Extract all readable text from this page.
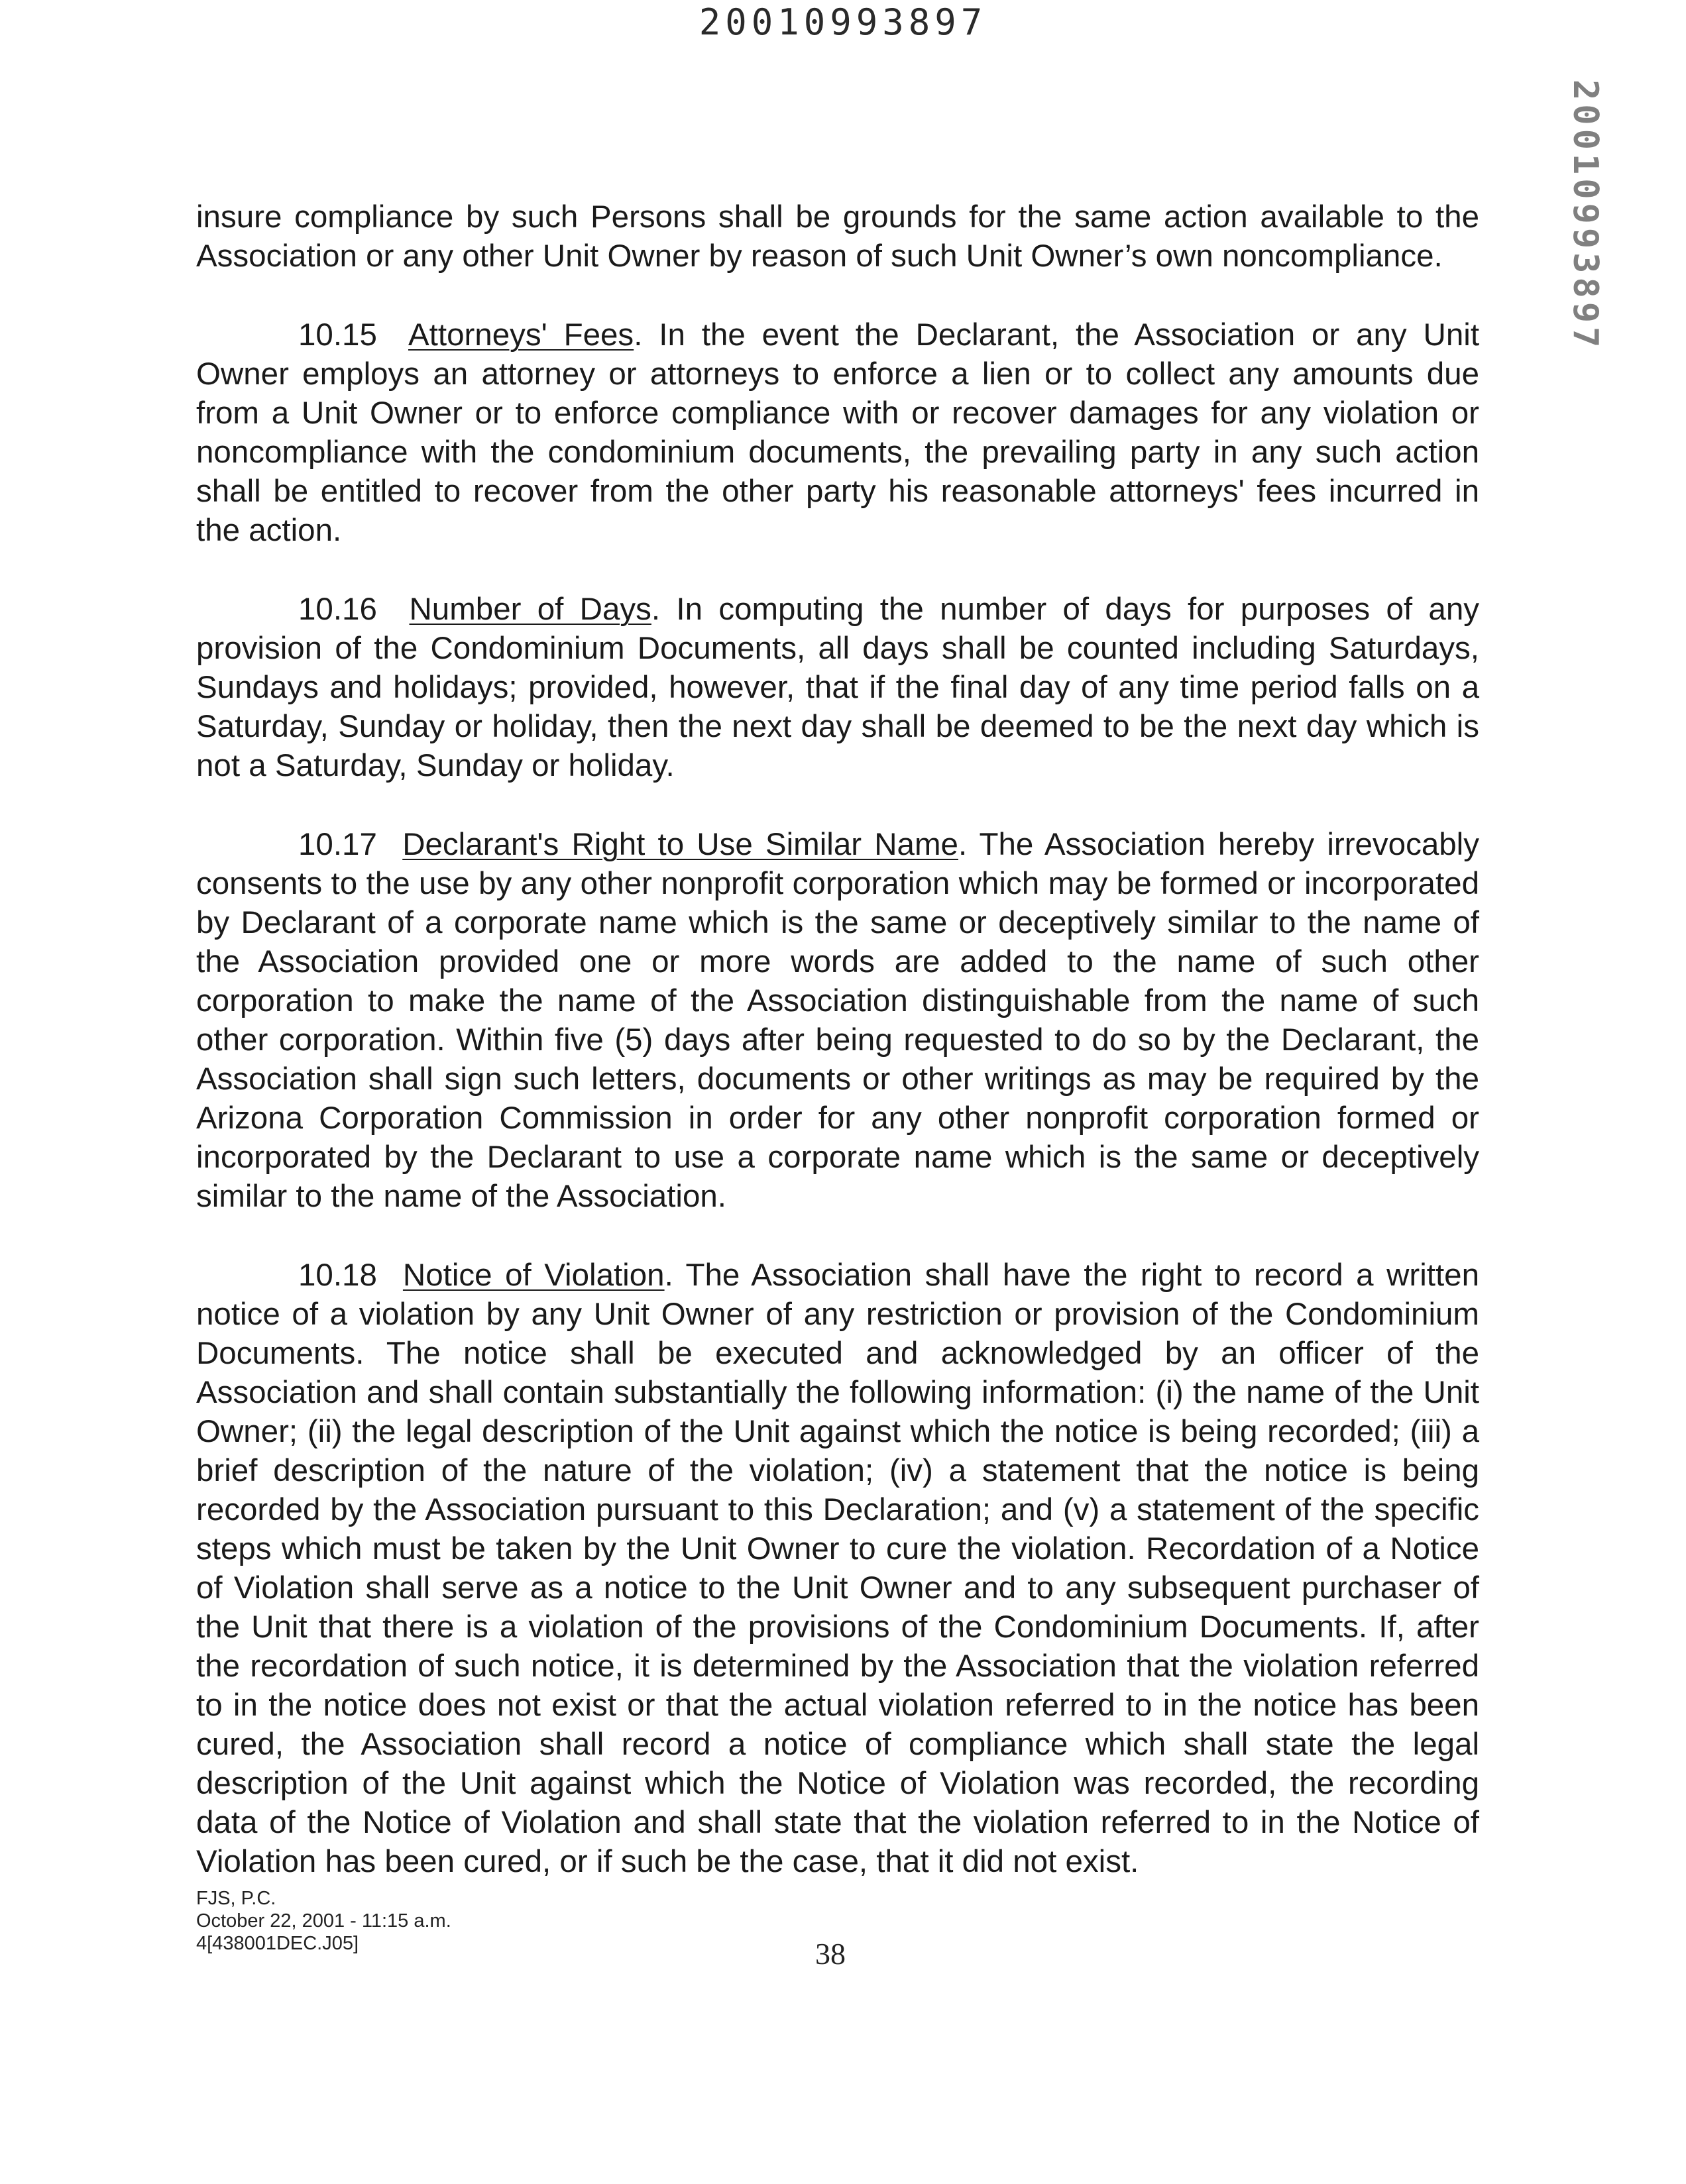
20010993897
20010993897

insure compliance by such Persons shall be grounds for the same action available to the Association or any other Unit Owner by reason of such Unit Owner’s own noncompliance.

10.15 Attorneys' Fees. In the event the Declarant, the Association or any Unit Owner employs an attorney or attorneys to enforce a lien or to collect any amounts due from a Unit Owner or to enforce compliance with or recover damages for any violation or noncompliance with the condominium documents, the prevailing party in any such action shall be entitled to recover from the other party his reasonable attorneys' fees incurred in the action.

10.16 Number of Days. In computing the number of days for purposes of any provision of the Condominium Documents, all days shall be counted including Saturdays, Sundays and holidays; provided, however, that if the final day of any time period falls on a Saturday, Sunday or holiday, then the next day shall be deemed to be the next day which is not a Saturday, Sunday or holiday.

10.17 Declarant's Right to Use Similar Name. The Association hereby irrevocably consents to the use by any other nonprofit corporation which may be formed or incorporated by Declarant of a corporate name which is the same or deceptively similar to the name of the Association provided one or more words are added to the name of such other corporation to make the name of the Association distinguishable from the name of such other corporation. Within five (5) days after being requested to do so by the Declarant, the Association shall sign such letters, documents or other writings as may be required by the Arizona Corporation Commission in order for any other nonprofit corporation formed or incorporated by the Declarant to use a corporate name which is the same or deceptively similar to the name of the Association.

10.18 Notice of Violation. The Association shall have the right to record a written notice of a violation by any Unit Owner of any restriction or provision of the Condominium Documents. The notice shall be executed and acknowledged by an officer of the Association and shall contain substantially the following information: (i) the name of the Unit Owner; (ii) the legal description of the Unit against which the notice is being recorded; (iii) a brief description of the nature of the violation; (iv) a statement that the notice is being recorded by the Association pursuant to this Declaration; and (v) a statement of the specific steps which must be taken by the Unit Owner to cure the violation. Recordation of a Notice of Violation shall serve as a notice to the Unit Owner and to any subsequent purchaser of the Unit that there is a violation of the provisions of the Condominium Documents. If, after the recordation of such notice, it is determined by the Association that the violation referred to in the notice does not exist or that the actual violation referred to in the notice has been cured, the Association shall record a notice of compliance which shall state the legal description of the Unit against which the Notice of Violation was recorded, the recording data of the Notice of Violation and shall state that the violation referred to in the Notice of Violation has been cured, or if such be the case, that it did not exist.

FJS, P.C.
October 22, 2001 - 11:15 a.m.
4[438001DEC.J05]	38
